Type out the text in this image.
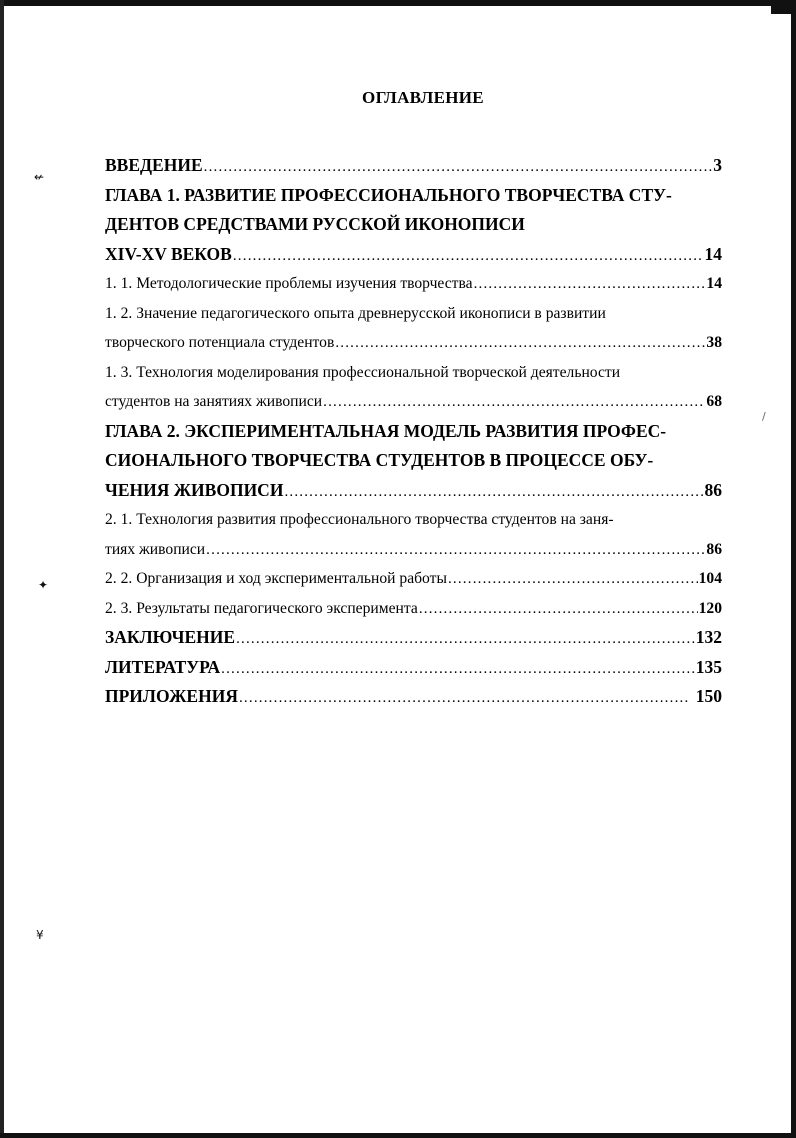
ОГЛАВЛЕНИЕ
ВВЕДЕНИЕ .....	3
ГЛАВА 1. РАЗВИТИЕ ПРОФЕССИОНАЛЬНОГО ТВОРЧЕСТВА СТУ-
ДЕНТОВ СРЕДСТВАМИ РУССКОЙ ИКОНОПИСИ
XIV-XV ВЕКОВ .....	14
1. 1. Методологические проблемы изучения творчества .....	14
1. 2. Значение педагогического опыта древнерусской иконописи в развитии
творческого потенциала студентов .....	38
1. 3. Технология моделирования профессиональной творческой деятельности
студентов на занятиях живописи .....	68
ГЛАВА 2. ЭКСПЕРИМЕНТАЛЬНАЯ МОДЕЛЬ РАЗВИТИЯ ПРОФЕС-
СИОНАЛЬНОГО ТВОРЧЕСТВА СТУДЕНТОВ В ПРОЦЕССЕ ОБУ-
ЧЕНИЯ ЖИВОПИСИ .....	86
2. 1. Технология развития профессионального творчества студентов на заня-
тиях живописи .....	86
2. 2. Организация и ход экспериментальной работы .....	104
2. 3. Результаты педагогического эксперимента .....	120
ЗАКЛЮЧЕНИЕ .....	132
ЛИТЕРАТУРА .....	135
ПРИЛОЖЕНИЯ .....	150
↚
✦
¥
/
